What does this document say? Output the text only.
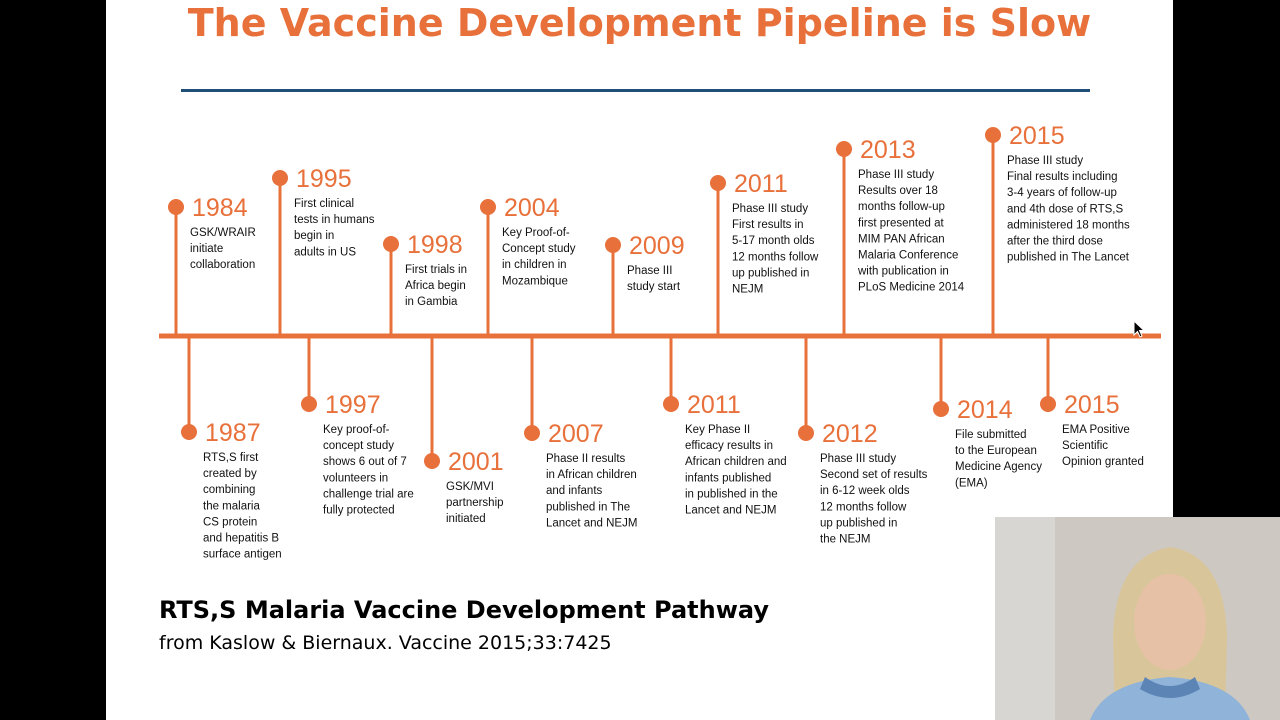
The Vaccine Development Pipeline is Slow
1984
GSK/WRAIR initiate collaboration
1987
RTS,S first created by combining the malaria CS protein and hepatitis B surface antigen
1995
First clinical tests in humans begin in adults in US
1997
Key proof-of-concept study shows 6 out of 7 volunteers in challenge trial are fully protected
1998
First trials in Africa begin in Gambia
2001
GSK/MVI partnership initiated
2004
Key Proof-of-Concept study in children in Mozambique
2007
Phase II results in African children and infants published in The Lancet and NEJM
2009
Phase III study start
2011
Key Phase II efficacy results in African children and infants published in published in the Lancet and NEJM
2011
Phase III study First results in 5-17 month olds 12 months follow up published in NEJM
2012
Phase III study Second set of results in 6-12 week olds 12 months follow up published in the NEJM
2013
Phase III study Results over 18 months follow-up first presented at MIM PAN African Malaria Conference with publication in PLoS Medicine 2014
2014
File submitted to the European Medicine Agency (EMA)
2015
Phase III study Final results including 3-4 years of follow-up and 4th dose of RTS,S administered 18 months after the third dose published in The Lancet
2015
EMA Positive Scientific Opinion granted
RTS,S Malaria Vaccine Development Pathway
from Kaslow & Biernaux. Vaccine 2015;33:7425
